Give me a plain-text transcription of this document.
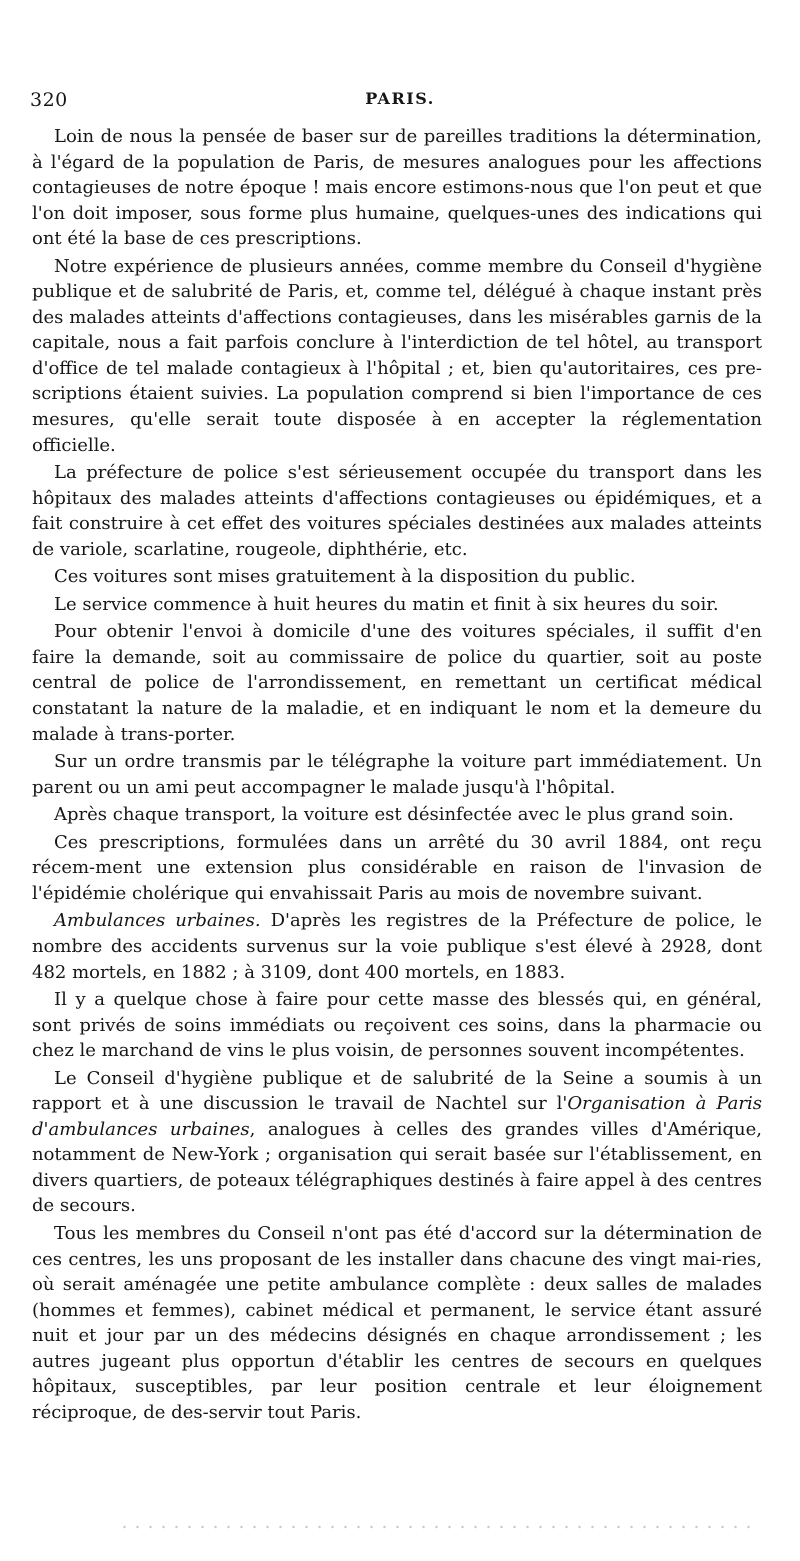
320	PARIS.

Loin de nous la pensée de baser sur de pareilles traditions la détermination, à l'égard de la population de Paris, de mesures analogues pour les affections contagieuses de notre époque ! mais encore estimons-nous que l'on peut et que l'on doit imposer, sous forme plus humaine, quelques-unes des indications qui ont été la base de ces prescriptions.

Notre expérience de plusieurs années, comme membre du Conseil d'hygiène publique et de salubrité de Paris, et, comme tel, délégué à chaque instant près des malades atteints d'affections contagieuses, dans les misérables garnis de la capitale, nous a fait parfois conclure à l'interdiction de tel hôtel, au transport d'office de tel malade contagieux à l'hôpital ; et, bien qu'autoritaires, ces pre-scriptions étaient suivies. La population comprend si bien l'importance de ces mesures, qu'elle serait toute disposée à en accepter la réglementation officielle.

La préfecture de police s'est sérieusement occupée du transport dans les hôpitaux des malades atteints d'affections contagieuses ou épidémiques, et a fait construire à cet effet des voitures spéciales destinées aux malades atteints de variole, scarlatine, rougeole, diphthérie, etc.

Ces voitures sont mises gratuitement à la disposition du public.

Le service commence à huit heures du matin et finit à six heures du soir.

Pour obtenir l'envoi à domicile d'une des voitures spéciales, il suffit d'en faire la demande, soit au commissaire de police du quartier, soit au poste central de police de l'arrondissement, en remettant un certificat médical constatant la nature de la maladie, et en indiquant le nom et la demeure du malade à trans-porter.

Sur un ordre transmis par le télégraphe la voiture part immédiatement. Un parent ou un ami peut accompagner le malade jusqu'à l'hôpital.

Après chaque transport, la voiture est désinfectée avec le plus grand soin.

Ces prescriptions, formulées dans un arrêté du 30 avril 1884, ont reçu récem-ment une extension plus considérable en raison de l'invasion de l'épidémie cholérique qui envahissait Paris au mois de novembre suivant.

Ambulances urbaines. D'après les registres de la Préfecture de police, le nombre des accidents survenus sur la voie publique s'est élevé à 2928, dont 482 mortels, en 1882 ; à 3109, dont 400 mortels, en 1883.

Il y a quelque chose à faire pour cette masse des blessés qui, en général, sont privés de soins immédiats ou reçoivent ces soins, dans la pharmacie ou chez le marchand de vins le plus voisin, de personnes souvent incompétentes.

Le Conseil d'hygiène publique et de salubrité de la Seine a soumis à un rapport et à une discussion le travail de Nachtel sur l'Organisation à Paris d'ambulances urbaines, analogues à celles des grandes villes d'Amérique, notamment de New-York ; organisation qui serait basée sur l'établissement, en divers quartiers, de poteaux télégraphiques destinés à faire appel à des centres de secours.

Tous les membres du Conseil n'ont pas été d'accord sur la détermination de ces centres, les uns proposant de les installer dans chacune des vingt mai-ries, où serait aménagée une petite ambulance complète : deux salles de malades (hommes et femmes), cabinet médical et permanent, le service étant assuré nuit et jour par un des médecins désignés en chaque arrondissement ; les autres jugeant plus opportun d'établir les centres de secours en quelques hôpitaux, susceptibles, par leur position centrale et leur éloignement réciproque, de des-servir tout Paris.
